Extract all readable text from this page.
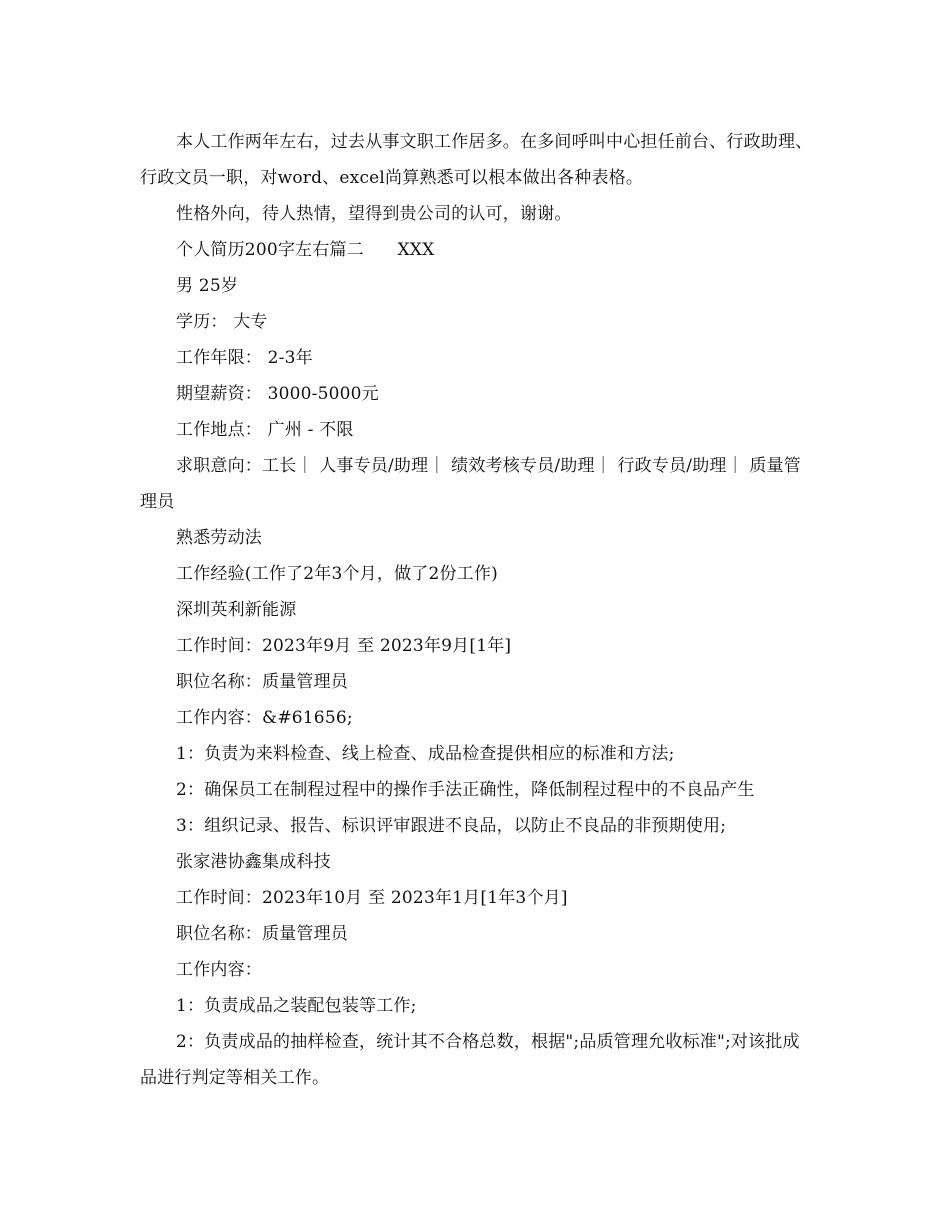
本人工作两年左右，过去从事文职工作居多。在多间呼叫中心担任前台、行政助理、行政文员一职，对word、excel尚算熟悉可以根本做出各种表格。

性格外向，待人热情，望得到贵公司的认可，谢谢。

个人简历200字左右篇二      XXX

男 25岁

学历： 大专

工作年限： 2-3年

期望薪资： 3000-5000元

工作地点： 广州 - 不限

求职意向：工长｜ 人事专员/助理｜ 绩效考核专员/助理｜ 行政专员/助理｜ 质量管理员

熟悉劳动法

工作经验(工作了2年3个月，做了2份工作)

深圳英利新能源

工作时间：2023年9月 至 2023年9月[1年]

职位名称：质量管理员

工作内容：&#61656;

1：负责为来料检查、线上检查、成品检查提供相应的标准和方法;

2：确保员工在制程过程中的操作手法正确性，降低制程过程中的不良品产生

3：组织记录、报告、标识评审跟进不良品，以防止不良品的非预期使用;

张家港协鑫集成科技

工作时间：2023年10月 至 2023年1月[1年3个月]

职位名称：质量管理员

工作内容：

1：负责成品之装配包装等工作;

2：负责成品的抽样检查，统计其不合格总数，根据";品质管理允收标准";对该批成品进行判定等相关工作。
